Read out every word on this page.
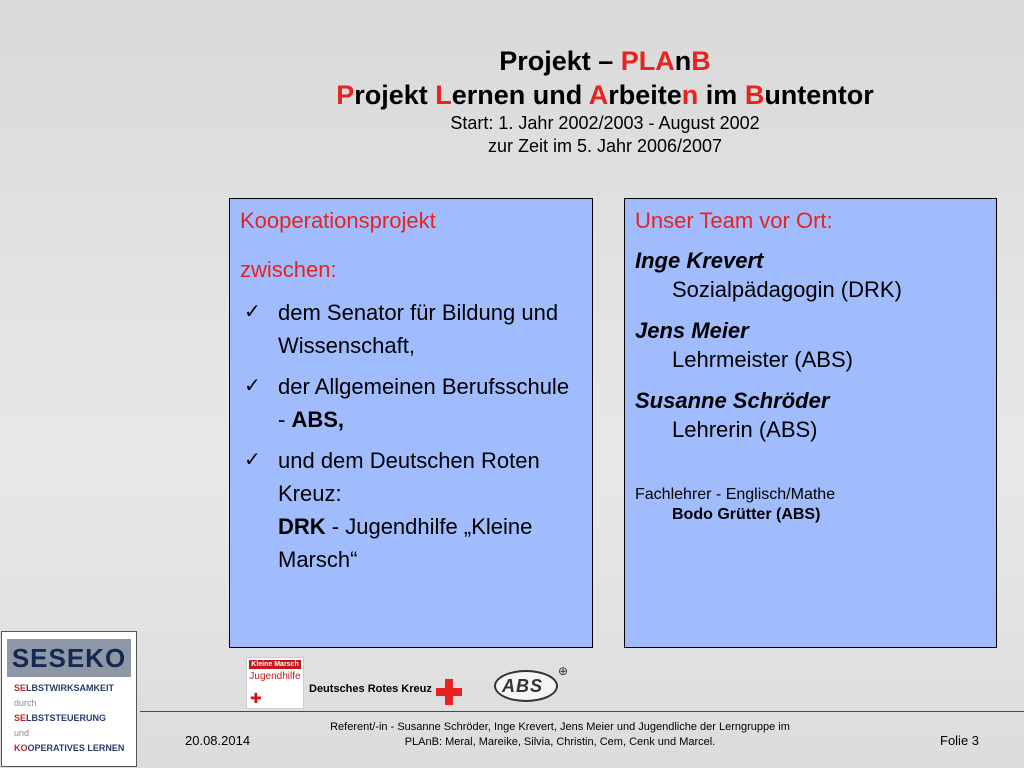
Projekt – PLAnB
Projekt Lernen und Arbeiten im Buntentor
Start: 1. Jahr 2002/2003 - August 2002
zur Zeit im 5. Jahr 2006/2007
Kooperationsprojekt
zwischen:
✓ dem Senator für Bildung und Wissenschaft,
✓ der Allgemeinen Berufsschule - ABS,
✓ und dem Deutschen Roten Kreuz:
DRK - Jugendhilfe „Kleine Marsch“
Unser Team vor Ort:
Inge Krevert
Sozialpädagogin (DRK)
Jens Meier
Lehrmeister (ABS)
Susanne Schröder
Lehrerin (ABS)
Fachlehrer - Englisch/Mathe
Bodo Grütter (ABS)
SESEKO
SELBSTWIRKSAMKEIT
durch
SELBSTSTEUERUNG
und
KOOPERATIVES LERNEN
Kleine Marsch
Jugendhilfe
✚
Deutsches Rotes Kreuz	ABS
⊕
20.08.2014
Referent/-in - Susanne Schröder, Inge Krevert, Jens Meier und Jugendliche der Lerngruppe im
PLAnB: Meral, Mareike, Silvia, Christin, Cem, Cenk und Marcel.	Folie 3
